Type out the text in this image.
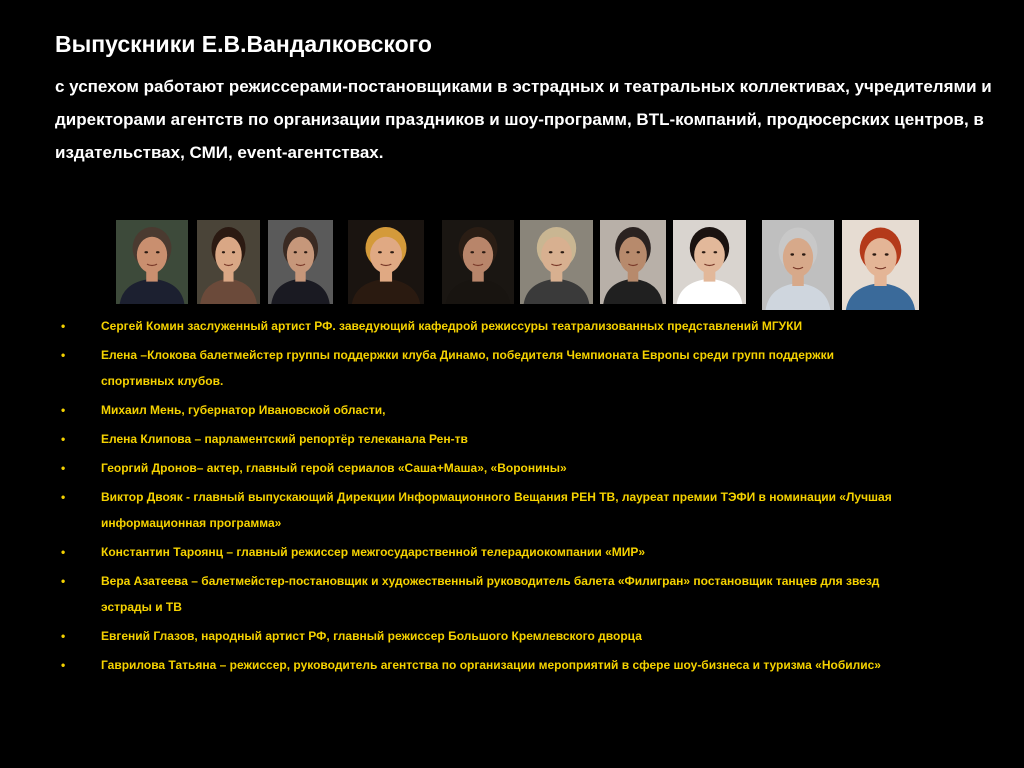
Выпускники Е.В.Вандалковского
с успехом работают режиссерами-постановщиками в эстрадных и театральных коллективах, учредителями и директорами агентств по организации праздников и шоу-программ, BTL-компаний, продюсерских центров, в издательствах, СМИ, event-агентствах.
•	Сергей Комин заслуженный артист РФ. заведующий кафедрой режиссуры театрализованных представлений МГУКИ
•	Елена –Клокова балетмейстер группы поддержки клуба Динамо, победителя Чемпионата Европы среди групп поддержки спортивных клубов.
•	Михаил Мень, губернатор Ивановской области,
•	Елена Клипова – парламентский репортёр телеканала Рен-тв
•	Георгий Дронов– актер, главный герой сериалов «Саша+Маша», «Воронины»
•	Виктор Двояк - главный выпускающий Дирекции Информационного Вещания РЕН ТВ, лауреат премии ТЭФИ в номинации «Лучшая информационная программа»
•	Константин Тароянц – главный режиссер межгосударственной телерадиокомпании «МИР»
•	Вера Азатеева – балетмейстер-постановщик и художественный руководитель балета «Филигран» постановщик танцев для звезд эстрады и ТВ
•	Евгений Глазов, народный артист РФ, главный режиссер Большого Кремлевского дворца
•	Гаврилова Татьяна – режиссер, руководитель агентства по организации мероприятий в сфере шоу-бизнеса и туризма «Нобилис»
